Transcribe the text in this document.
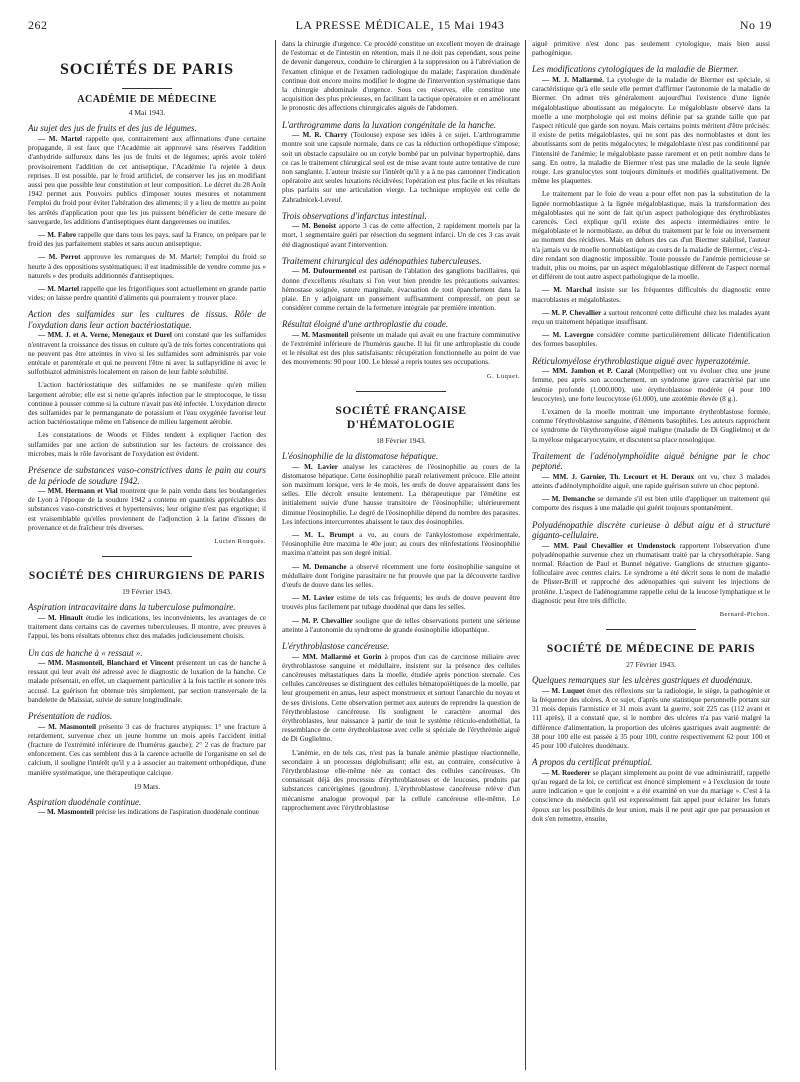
262	LA PRESSE MÉDICALE, 15 Mai 1943	No 19
SOCIÉTÉS DE PARIS
ACADÉMIE DE MÉDECINE
4 Mai 1943.
Au sujet des jus de fruits et des jus de légumes.

— M. Martel rappelle que, contrairement aux affirmations d'une certaine propagande, il est faux que l'Académie ait approuvé sans réserves l'addition d'anhydride sulfureux dans les jus de fruits et de légumes; après avoir toléré provisoirement l'addition de cet antiseptique, l'Académie l'a rejetée à deux reprises. Il est possible, par le froid artificiel, de conserver les jus en modifiant aussi peu que possible leur constitution et leur composition. Le décret du 28 Août 1942 permet aux Pouvoirs publics d'imposer toutes mesures et notamment l'emploi du froid pour éviter l'altération des aliments; il y a lieu de mettre au point les arrêtés d'application pour que les jus puissent bénéficier de cette mesure de sauvegarde, les additions d'antiseptiques étant dangereuses ou inutiles.

— M. Fabre rappelle que dans tous les pays, sauf la France, on prépare par le froid des jus parfaitement stables et sans aucun antiseptique.

— M. Perrot approuve les remarques de M. Martel; l'emploi du froid se heurte à des oppositions systématiques; il est inadmissible de vendre comme jus « naturels » des produits additionnés d'antiseptiques.

— M. Martel rappelle que les frigorifiques sont actuellement en grande partie vides; on laisse perdre quantité d'aliments qui pourraient y trouver place.

Action des sulfamides sur les cultures de tissus. Rôle de l'oxydation dans leur action bactériostatique.

— MM. J. et A. Verne, Menegaux et Durel ont constaté que les sulfamides n'entravent la croissance des tissus en culture qu'à de très fortes concentrations qui ne peuvent pas être atteintes in vivo si les sulfamides sont administrés par voie entérale et parentérale et qui ne peuvent l'être ni avec la sulfapyridine ni avec le sulfothiazol administrés localement en raison de leur faible solubilité.

L'action bactériostatique des sulfamides ne se manifeste qu'en milieu largement aérobie; elle est si nette qu'après infection par le streptocoque, le tissu continue à pousser comme si la culture n'avait pas été infectée. L'oxydation directe des sulfamides par le permanganate de potassium et l'eau oxygénée favorise leur action bactériostatique même en l'absence de milieu largement aérobie.

Les constatations de Woods et Fildes tendent à expliquer l'action des sulfamides par une action de substitution sur les facteurs de croissance des microbes, mais le rôle favorisant de l'oxydation est évident.

Présence de substances vaso-constrictives dans le pain au cours de la période de soudure 1942.

— MM. Hermann et Vial montrent que le pain vendu dans les boulangeries de Lyon à l'époque de la soudure 1942 a contenu en quantités appréciables des substances vaso-constrictives et hypertensives; leur origine n'est pas ergotique; il est vraisemblable qu'elles proviennent de l'adjonction à la farine d'issues de provenance et de fraîcheur très diverses.

Lucien Rouquès.
SOCIÉTÉ DES CHIRURGIENS DE PARIS
19 Février 1943.
Aspiration intracavitaire dans la tuberculose pulmonaire.

— M. Hinault étudie les indications, les inconvénients, les avantages de ce traitement dans certains cas de cavernes tuberculeuses. Il montre, avec preuves à l'appui, les bons résultats obtenus chez des malades judicieusement choisis.

Un cas de hanche à « ressaut ».

— MM. Masmonteil, Blanchard et Vincent présentent un cas de hanche à ressaut qui leur avait été adressé avec le diagnostic de luxation de la hanche. Ce malade présentait, en effet, un claquement particulier à la fois tactile et sonore très accusé. La guérison fut obtenue très simplement, par section transversale de la bandelette de Maïssiat, suivie de suture longitudinale.

Présentation de radios.

— M. Masmonteil présente 3 cas de fractures atypiques: 1° une fracture à retardement, survenue chez un jeune homme un mois après l'accident initial (fracture de l'extrémité inférieure de l'humérus gauche); 2° 2 cas de fracture par enfoncement. Ces cas semblent dus à la carence actuelle de l'organisme en sel de calcium, il souligne l'intérêt qu'il y a à associer au traitement orthopédique, d'une manière systématique, une thérapeutique calcique.

19 Mars.
Aspiration duodénale continue.

— M. Masmonteil précise les indications de l'aspiration duodénale continue

dans la chirurgie d'urgence. Ce procédé constitue un excellent moyen de drainage de l'estomac et de l'intestin en rétention, mais il ne doit pas cependant, sous peine de devenir dangereux, conduire le chirurgien à la suppression ou à l'abréviation de l'examen clinique et de l'examen radiologique du malade; l'aspiration duodénale continue doit encore moins modifier le dogme de l'intervention systématique dans la chirurgie abdominale d'urgence. Sous ces réserves, elle constitue une acquisition des plus précieuses, en facilitant la tactique opératoire et en améliorant le pronostic des affections chirurgicales aiguës de l'abdomen.

L'arthrogramme dans la luxation congénitale de la hanche.

— M. R. Charry (Toulouse) expose ses idées à ce sujet. L'arthrogramme montre soit une capsule normale, dans ce cas la réduction orthopédique s'impose; soit un obstacle capsulaire ou un cotyle bombé par un pulvinar hypertrophié, dans ce cas le traitement chirurgical seul est de mise avant toute autre tentative de cure non sanglante. L'auteur insiste sur l'intérêt qu'il y a à ne pas cantonner l'indication opératoire aux seules luxations récidivées; l'opération est plus facile et les résultats plus parfaits sur une articulation vierge. La technique employée est celle de Zahradnicek-Leveuf.

Trois observations d'infarctus intestinal.

— M. Benoist apporte 3 cas de cette affection, 2 rapidement mortels par la mort, 1 segmentaire guéri par résection du segment infarci. Un de ces 3 cas avait été diagnostiqué avant l'intervention.

Traitement chirurgical des adénopathies tuberculeuses.

— M. Dufourmentel est partisan de l'ablation des ganglions bacillaires, qui donne d'excellents résultats si l'on veut bien prendre les précautions suivantes: hémostase soignée, suture marginale, évacuation de tout épanchement dans la plaie. En y adjoignant un pansement suffisamment compressif, on peut se considérer comme certain de la fermeture intégrale par première intention.

Résultat éloigné d'une arthroplastie du coude.

— M. Masmonteil présente un malade qui avait eu une fracture comminutive de l'extrémité inférieure de l'humérus gauche. Il lui fit une arthroplastie du coude et le résultat est des plus satisfaisants: récupération fonctionnelle au point de vue des mouvements: 90 pour 100. Le blessé a repris toutes ses occupations.

G. Luquet.
SOCIÉTÉ FRANÇAISE D'HÉMATOLOGIE
18 Février 1943.
L'éosinophilie de la distomatose hépatique.

— M. Lavier analyse les caractères de l'éosinophilie au cours de la distomatose hépatique. Cette éosinophilie paraît relativement précoce. Elle atteint son maximum lorsque, vers le 4e mois, les œufs de douve apparaissent dans les selles. Elle décroît ensuite lentement. La thérapeutique par l'émétine est initialement suivie d'une hausse transitoire de l'éosinophilie; ultérieurement diminue l'éosinophilie. Le degré de l'éosinophilie dépend du nombre des parasites. Les infections intercurrentes abaissent le taux des éosinophiles.

— M. L. Brumpt a vu, au cours de l'ankylostomose expérimentale, l'éosinophilie être maxima le 40e jour; au cours des réinfestations l'éosinophilie maxima n'atteint pas son degré initial.

— M. Demanche a observé récemment une forte éosinophilie sanguine et médullaire dont l'origine parasitaire ne fut prouvée que par la découverte tardive d'œufs de douve dans les selles.

— M. Lavier estime de tels cas fréquents; les œufs de douve peuvent être trouvés plus facilement par tubage duodénal que dans les selles.

— M. P. Chevallier souligne que de telles observations portent une sérieuse atteinte à l'autonomie du syndrome de grande éosinophilie idiopathique.

L'érythroblastose cancéreuse.

— MM. Mallarmé et Gorin à propos d'un cas de carcinose miliaire avec érythroblastose sanguine et médullaire, insistent sur la présence des cellules cancéreuses métastatiques dans la moelle, étudiée après ponction sternale. Ces cellules cancéreuses se distinguent des cellules hématopoïétiques de la moelle, par leur groupement en amas, leur aspect monstrueux et surtout l'anarchie du noyau et de ses divisions. Cette observation permet aux auteurs de reprendre la question de l'érythroblastose cancéreuse. Ils soulignent le caractère anormal des érythroblastes, leur naissance à partir de tout le système réticulo-endothélial, la ressemblance de cette érythroblastose avec celle si spéciale de l'érythrémie aiguë de Di Guglielmo.

L'anémie, en de tels cas, n'est pas la banale anémie plastique réactionnelle, secondaire à un processus déglobulisant; elle est, au contraire, consécutive à l'érythroblastose elle-même née au contact des cellules cancéreuses. On connaissait déjà des processus d'érythroblastoses et de leucoses, produits par substances cancérigènes (goudron). L'érythroblastose cancéreuse relève d'un mécanisme analogue provoqué par la cellule cancéreuse elle-même. Le rapprochement avec l'érythroblastose

aiguë primitive n'est donc pas seulement cytologique, mais bien aussi pathogénique.

Les modifications cytologiques de la maladie de Biermer.

— M. J. Mallarmé. La cytologie de la maladie de Biermer est spéciale, si caractéristique qu'à elle seule elle permet d'affirmer l'autonomie de la maladie de Biermer. On admet très généralement aujourd'hui l'existence d'une lignée mégaloblastique aboutissant au mégalocyte. Le mégaloblaste observé dans la moelle a une morphologie qui est moins définie par sa grande taille que par l'aspect réticulé que garde son noyau. Mais certains points méritent d'être précisés: il existe de petits mégaloblastes, qui ne sont pas des normoblastes et dont les aboutissants sont de petits mégalocytes; le mégaloblaste n'est pas conditionné par l'intensité de l'anémie; le mégaloblaste passe rarement et en petit nombre dans le sang. En outre, la maladie de Biermer n'est pas une maladie de la seule lignée rouge. Les granulocytes sont toujours diminués et modifiés qualitativement. De même les plaquettes.

Le traitement par le foie de veau a pour effet non pas la substitution de la lignée normoblastique à la lignée mégaloblastique, mais la transformation des mégaloblastes qui ne sont de fait qu'un aspect pathologique des érythroblastes carencés. Ceci explique qu'il existe des aspects intermédiaires entre le mégaloblaste et le normoblaste, au début du traitement par le foie ou inversement au moment des récidives. Mais en dehors des cas d'un Biermer stabilisé, l'auteur n'a jamais vu de moelle normoblastique au cours de la maladie de Biermer, c'est-à-dire rendant son diagnostic impossible. Toute poussée de l'anémie pernicieuse se traduit, plus ou moins, par un aspect mégaloblastique différent de l'aspect normal et différent de tout autre aspect pathologique de la moelle.

— M. Marchal insiste sur les fréquentes difficultés du diagnostic entre macroblastes et mégaloblastes.

— M. P. Chevallier a surtout rencontré cette difficulté chez les malades ayant reçu un traitement hépatique insuffisant.

— M. Lavergne considère comme particulièrement délicate l'identification des formes basophiles.

Réticulomyélose érythroblastique aiguë avec hyperazotémie.

— MM. Jambon et P. Cazal (Montpellier) ont vu évoluer chez une jeune femme, peu après son accouchement, un syndrome grave caractérisé par une anémie profonde (1.000.000), une érythroblastose modérée (4 pour 100 leucocytes), une forte leucocytose (61.000), une azotémie élevée (8 g.).

L'examen de la moelle montrait une importante érythroblastose formée, comme l'érythroblastose sanguine, d'éléments basophiles. Les auteurs rapprochent ce syndrome de l'érythromyélose aiguë maligne (maladie de Di Guglielmo) et de la myélose mégacaryocytaire, et discutent sa place nosologique.

Traitement de l'adénolymphoïdite aiguë bénigne par le choc peptoné.

— MM. J. Garnier, Th. Lecourt et H. Deraux ont vu, chez 3 malades atteints d'adénolymphoïdite aiguë, une rapide guérison suivre un choc peptoné.

— M. Demanche se demande s'il est bien utile d'appliquer un traitement qui comporte des risques à une maladie qui guérit toujours spontanément.

Polyadénopathie discrète curieuse à début aigu et à structure giganto-cellulaire.

— MM. Paul Chevallier et Umdenstock rapportent l'observation d'une polyadénopathie survenue chez un rhumatisant traité par la chrysothérapie. Sang normal. Réaction de Paul et Bunnel négative. Ganglions de structure giganto-folliculaire avec centres clairs. Le syndrome a été décrit sous le nom de maladie de Pfister-Brill et rapproché des adénopathies qui suivent les injections de protéine. L'aspect de l'adénogramme rappelle celui de la leucose lymphatique et le diagnostic peut être très difficile.

Bernard-Pichon.
SOCIÉTÉ DE MÉDECINE DE PARIS
27 Février 1943.
Quelques remarques sur les ulcères gastriques et duodénaux.

— M. Luquet émet des réflexions sur la radiologie, le siège, la pathogénie et la fréquence des ulcères. A ce sujet, d'après une statistique personnelle portant sur 31 mois depuis l'armistice et 31 mois avant la guerre, soit 225 cas (112 avant et 111 après), il a constaté que, si le nombre des ulcères n'a pas varié malgré la différence d'alimentation, la proportion des ulcères gastriques avait augmenté: de 38 pour 100 elle est passée à 35 pour 100, contre respectivement 62 pour 100 et 45 pour 100 d'ulcères duodénaux.

A propos du certificat prénuptial.

— M. Roederer se plaçant simplement au point de vue administratif, rappelle qu'au regard de la loi, ce certificat est énoncé simplement « à l'exclusion de toute autre indication » que le conjoint « a été examiné en vue du mariage ». C'est à la conscience du médecin qu'il est expressément fait appel pour éclairer les futurs époux sur les possibilités de leur union, mais il ne peut agir que par persuasion et doit s'en remettre, ensuite,
